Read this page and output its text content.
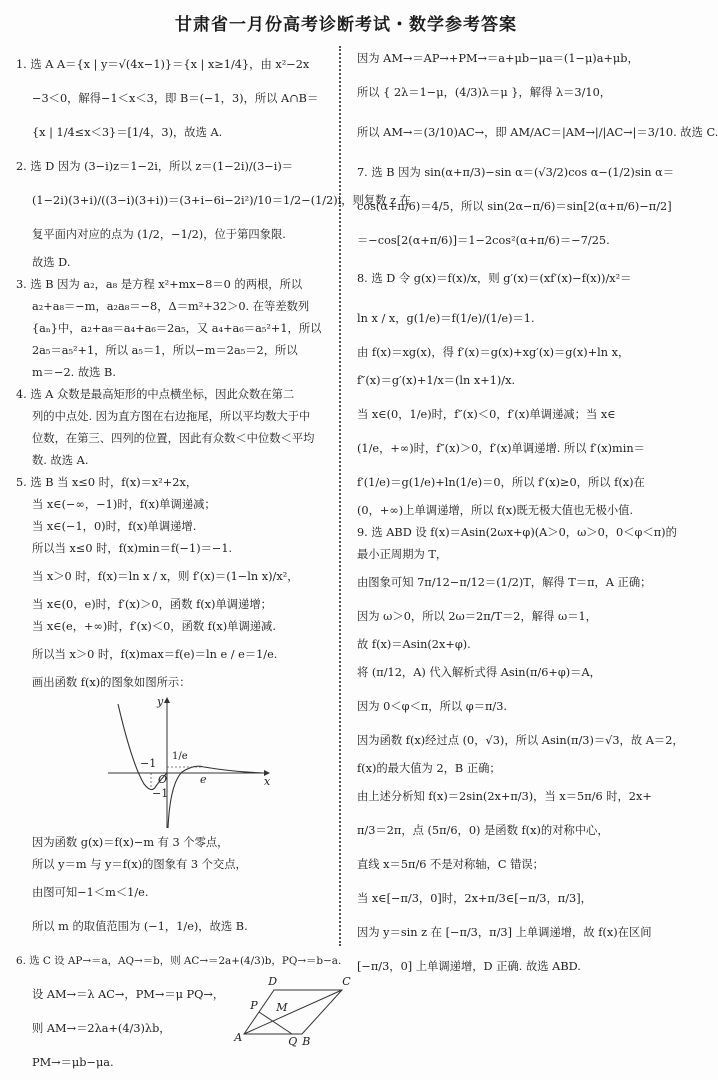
甘肃省一月份高考诊断考试・数学参考答案
1. 选 A A＝{x | y＝√(4x−1)}＝{x | x≥1/4}，由 x²−2x
−3＜0，解得−1＜x＜3，即 B＝(−1，3)，所以 A∩B＝
{x | 1/4≤x＜3}＝[1/4，3)，故选 A.
2. 选 D 因为 (3−i)z＝1−2i，所以 z＝(1−2i)/(3−i)＝
(1−2i)(3+i)/((3−i)(3+i))＝(3+i−6i−2i²)/10＝1/2−(1/2)i，则复数 z 在
复平面内对应的点为 (1/2，−1/2)，位于第四象限.
故选 D.
3. 选 B 因为 a₂，a₈ 是方程 x²+mx−8＝0 的两根，所以
a₂+a₈＝−m，a₂a₈＝−8，Δ＝m²+32＞0. 在等差数列
{aₙ}中，a₂+a₈＝a₄+a₆＝2a₅，又 a₄+a₆＝a₅²+1，所以
2a₅＝a₅²+1，所以 a₅＝1，所以−m＝2a₅＝2，所以
m＝−2. 故选 B.
4. 选 A 众数是最高矩形的中点横坐标，因此众数在第二
列的中点处. 因为直方图在右边拖尾，所以平均数大于中
位数，在第三、四列的位置，因此有众数＜中位数＜平均
数. 故选 A.
5. 选 B 当 x≤0 时，f(x)＝x²+2x，
当 x∈(−∞，−1)时，f(x)单调递减；
当 x∈(−1，0)时，f(x)单调递增.
所以当 x≤0 时，f(x)min＝f(−1)＝−1.
当 x＞0 时，f(x)＝ln x / x，则 f′(x)＝(1−ln x)/x²，
当 x∈(0，e)时，f′(x)＞0，函数 f(x)单调递增；
当 x∈(e，+∞)时，f′(x)＜0，函数 f(x)单调递减.
所以当 x＞0 时，f(x)max＝f(e)＝ln e / e＝1/e.
画出函数 f(x)的图象如图所示：
y
x
O
−1
−1
1/e
e
因为函数 g(x)＝f(x)−m 有 3 个零点，
所以 y＝m 与 y＝f(x)的图象有 3 个交点，
由图可知−1＜m＜1/e.
所以 m 的取值范围为 (−1，1/e)，故选 B.
6. 选 C 设 AP→＝a，AQ→＝b，则 AC→＝2a+(4/3)b，PQ→＝b−a.
设 AM→＝λ AC→，PM→＝μ PQ→，
则 AM→＝2λa+(4/3)λb，
PM→＝μb−μa.
D	C
P M
A	Q B
因为 AM→＝AP→+PM→＝a+μb−μa＝(1−μ)a+μb，
所以 { 2λ＝1−μ，(4/3)λ＝μ }，解得 λ＝3/10，
所以 AM→＝(3/10)AC→，即 AM/AC＝|AM→|/|AC→|＝3/10. 故选 C.
7. 选 B 因为 sin(α+π/3)−sin α＝(√3/2)cos α−(1/2)sin α＝
cos(α+π/6)＝4/5，所以 sin(2α−π/6)＝sin[2(α+π/6)−π/2]
＝−cos[2(α+π/6)]＝1−2cos²(α+π/6)＝−7/25.
8. 选 D 令 g(x)＝f(x)/x，则 g′(x)＝(xf′(x)−f(x))/x²＝
ln x / x，g(1/e)＝f(1/e)/(1/e)＝1.
由 f(x)＝xg(x)，得 f′(x)＝g(x)+xg′(x)＝g(x)+ln x，
f″(x)＝g′(x)+1/x＝(ln x+1)/x.
当 x∈(0，1/e)时，f″(x)＜0，f′(x)单调递减；当 x∈
(1/e，+∞)时，f″(x)＞0，f′(x)单调递增. 所以 f′(x)min＝
f′(1/e)＝g(1/e)+ln(1/e)＝0，所以 f′(x)≥0，所以 f(x)在
(0，+∞)上单调递增，所以 f(x)既无极大值也无极小值.
9. 选 ABD 设 f(x)＝Asin(2ωx+φ)(A＞0，ω＞0，0＜φ＜π)的
最小正周期为 T，
由图象可知 7π/12−π/12＝(1/2)T，解得 T＝π，A 正确；
因为 ω＞0，所以 2ω＝2π/T＝2，解得 ω＝1，
故 f(x)＝Asin(2x+φ).
将 (π/12，A) 代入解析式得 Asin(π/6+φ)＝A，
因为 0＜φ＜π，所以 φ＝π/3.
因为函数 f(x)经过点 (0，√3)，所以 Asin(π/3)＝√3，故 A＝2，
f(x)的最大值为 2，B 正确；
由上述分析知 f(x)＝2sin(2x+π/3)，当 x＝5π/6 时，2x+
π/3＝2π，点 (5π/6，0) 是函数 f(x)的对称中心，
直线 x＝5π/6 不是对称轴，C 错误；
当 x∈[−π/3，0]时，2x+π/3∈[−π/3，π/3]，
因为 y＝sin z 在 [−π/3，π/3] 上单调递增，故 f(x)在区间
[−π/3，0] 上单调递增，D 正确. 故选 ABD.
